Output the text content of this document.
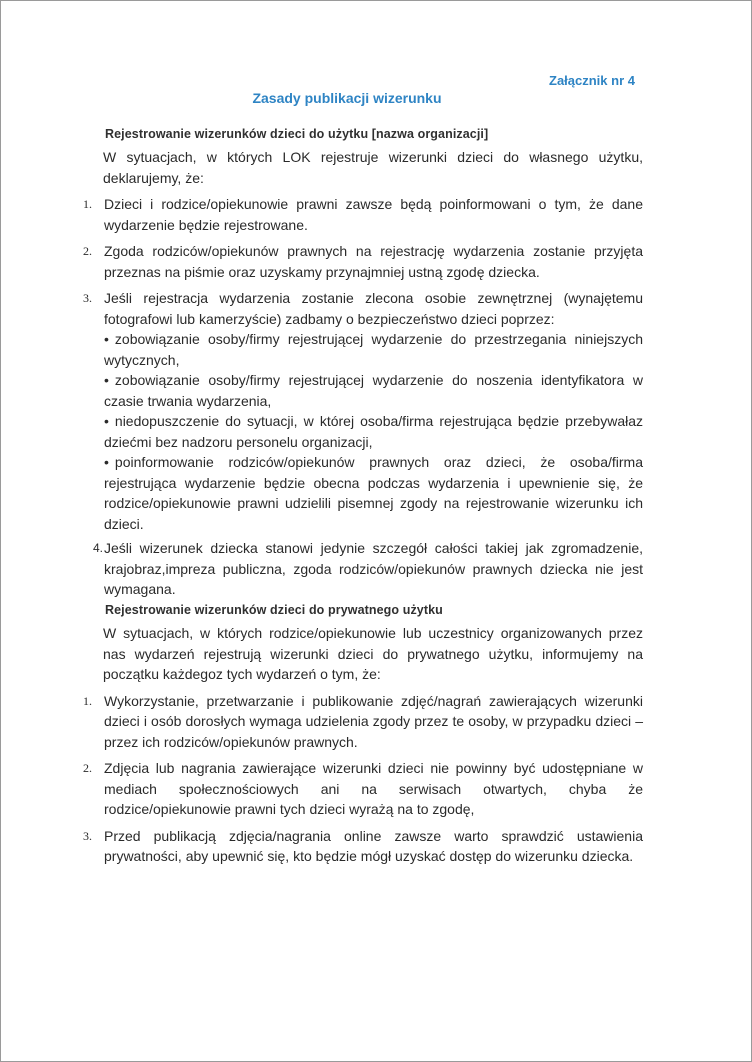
Załącznik nr 4
Zasady publikacji wizerunku
Rejestrowanie wizerunków dzieci do użytku [nazwa organizacji]
W sytuacjach, w których LOK rejestruje wizerunki dzieci do własnego użytku, deklarujemy, że:
1. Dzieci i rodzice/opiekunowie prawni zawsze będą poinformowani o tym, że dane wydarzenie będzie rejestrowane.
2. Zgoda rodziców/opiekunów prawnych na rejestrację wydarzenia zostanie przyjęta przeznas na piśmie oraz uzyskamy przynajmniej ustną zgodę dziecka.
3. Jeśli rejestracja wydarzenia zostanie zlecona osobie zewnętrznej (wynajętemu fotografowi lub kamerzyście) zadbamy o bezpieczeństwo dzieci poprzez:

• zobowiązanie osoby/firmy rejestrującej wydarzenie do przestrzegania niniejszych wytycznych,

• zobowiązanie osoby/firmy rejestrującej wydarzenie do noszenia identyfikatora w czasie trwania wydarzenia,

• niedopuszczenie do sytuacji, w której osoba/firma rejestrująca będzie przebywałaz dziećmi bez nadzoru personelu organizacji,

• poinformowanie rodziców/opiekunów prawnych oraz dzieci, że osoba/firma rejestrująca wydarzenie będzie obecna podczas wydarzenia i upewnienie się, że rodzice/opiekunowie prawni udzielili pisemnej zgody na rejestrowanie wizerunku ich dzieci.

4. Jeśli wizerunek dziecka stanowi jedynie szczegół całości takiej jak zgromadzenie, krajobraz,impreza publiczna, zgoda rodziców/opiekunów prawnych dziecka nie jest wymagana.
Rejestrowanie wizerunków dzieci do prywatnego użytku
W sytuacjach, w których rodzice/opiekunowie lub uczestnicy organizowanych przez nas wydarzeń rejestrują wizerunki dzieci do prywatnego użytku, informujemy na początku każdegoz tych wydarzeń o tym, że:
1. Wykorzystanie, przetwarzanie i publikowanie zdjęć/nagrań zawierających wizerunki dzieci i osób dorosłych wymaga udzielenia zgody przez te osoby, w przypadku dzieci – przez ich rodziców/opiekunów prawnych.
2. Zdjęcia lub nagrania zawierające wizerunki dzieci nie powinny być udostępniane w mediach społecznościowych ani na serwisach otwartych, chyba że rodzice/opiekunowie prawni tych dzieci wyrażą na to zgodę,
3. Przed publikacją zdjęcia/nagrania online zawsze warto sprawdzić ustawienia prywatności, aby upewnić się, kto będzie mógł uzyskać dostęp do wizerunku dziecka.
